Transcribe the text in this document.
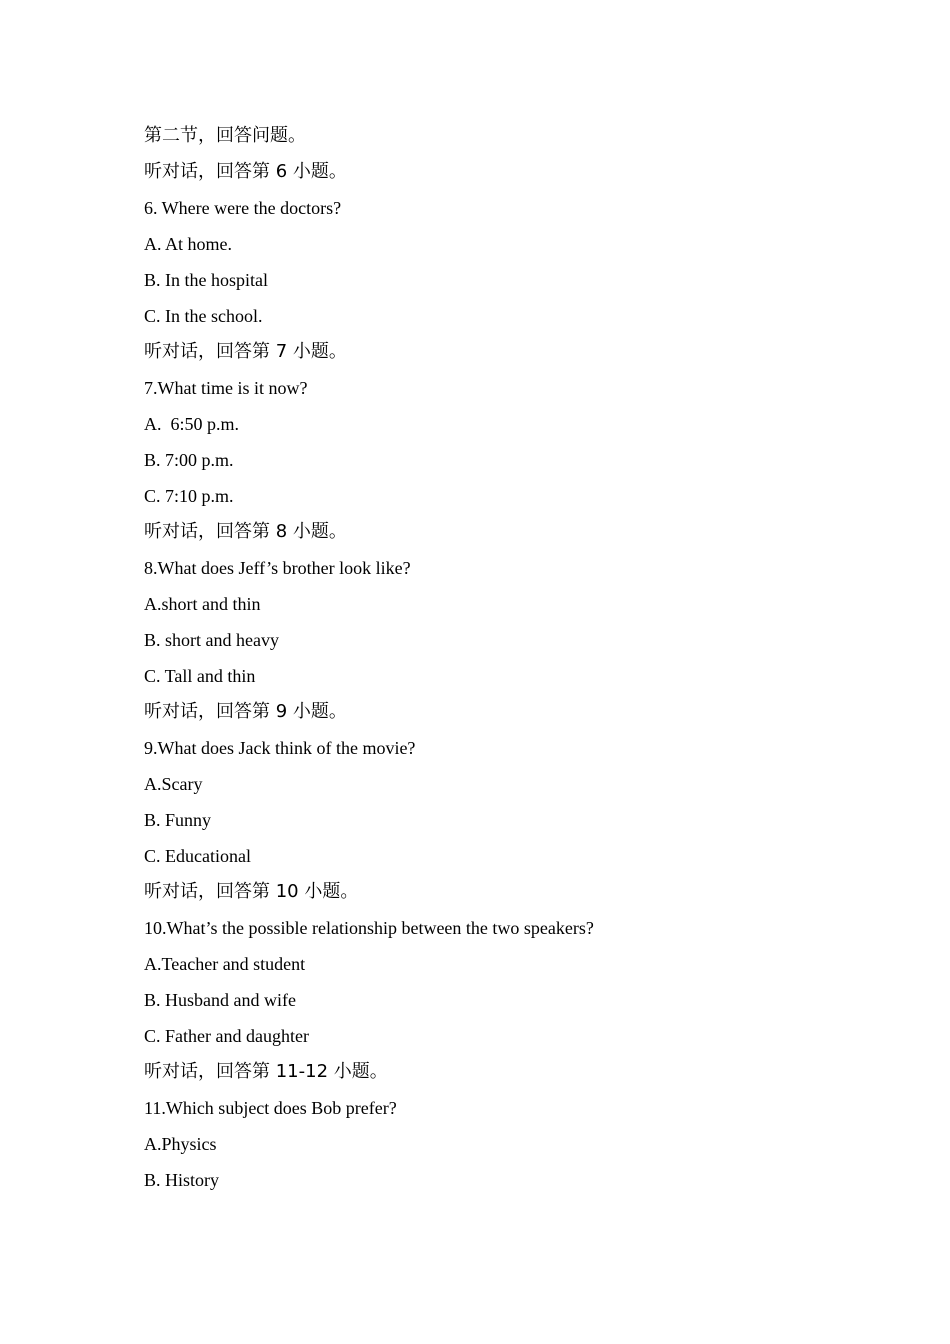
第二节，回答问题。
听对话，回答第 6 小题。
6. Where were the doctors?
A. At home.
B. In the hospital
C. In the school.
听对话，回答第 7 小题。
7.What time is it now?
A.  6:50 p.m.
B. 7:00 p.m.
C. 7:10 p.m.
听对话，回答第 8 小题。
8.What does Jeff’s brother look like?
A.short and thin
B. short and heavy
C. Tall and thin
听对话，回答第 9 小题。
9.What does Jack think of the movie?
A.Scary
B. Funny
C. Educational
听对话，回答第 10 小题。
10.What’s the possible relationship between the two speakers?
A.Teacher and student
B. Husband and wife
C. Father and daughter
听对话，回答第 11-12 小题。
11.Which subject does Bob prefer?
A.Physics
B. History
